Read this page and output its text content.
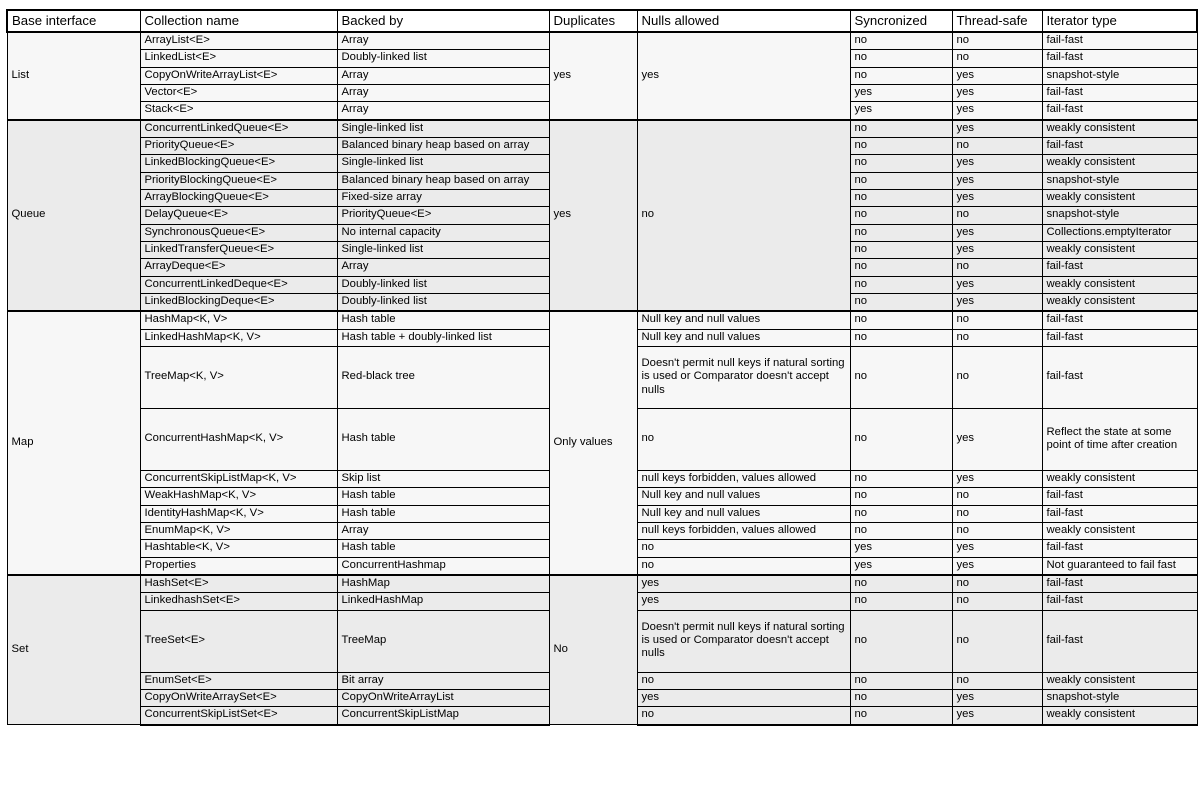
Base interface	Collection name	Backed by	Duplicates	Nulls allowed	Syncronized	Thread-safe	Iterator type
List	ArrayList<E>	Array	yes	yes	no	no	fail-fast
	LinkedList<E>	Doubly-linked list			no	no	fail-fast
	CopyOnWriteArrayList<E>	Array			no	yes	snapshot-style
	Vector<E>	Array			yes	yes	fail-fast
	Stack<E>	Array			yes	yes	fail-fast
Queue	ConcurrentLinkedQueue<E>	Single-linked list	yes	no	no	yes	weakly consistent
	PriorityQueue<E>	Balanced binary heap based on array			no	no	fail-fast
	LinkedBlockingQueue<E>	Single-linked list			no	yes	weakly consistent
	PriorityBlockingQueue<E>	Balanced binary heap based on array			no	yes	snapshot-style
	ArrayBlockingQueue<E>	Fixed-size array			no	yes	weakly consistent
	DelayQueue<E>	PriorityQueue<E>			no	no	snapshot-style
	SynchronousQueue<E>	No internal capacity			no	yes	Collections.emptyIterator
	LinkedTransferQueue<E>	Single-linked list			no	yes	weakly consistent
	ArrayDeque<E>	Array			no	no	fail-fast
	ConcurrentLinkedDeque<E>	Doubly-linked list			no	yes	weakly consistent
	LinkedBlockingDeque<E>	Doubly-linked list			no	yes	weakly consistent
Map	HashMap<K, V>	Hash table	Only values	Null key and null values	no	no	fail-fast
	LinkedHashMap<K, V>	Hash table + doubly-linked list		Null key and null values	no	no	fail-fast
	TreeMap<K, V>	Red-black tree		Doesn't permit null keys if natural sorting is used or Comparator doesn't accept nulls	no	no	fail-fast
	ConcurrentHashMap<K, V>	Hash table		no	no	yes	Reflect the state at some point of time after creation
	ConcurrentSkipListMap<K, V>	Skip list		null keys forbidden, values allowed	no	yes	weakly consistent
	WeakHashMap<K, V>	Hash table		Null key and null values	no	no	fail-fast
	IdentityHashMap<K, V>	Hash table		Null key and null values	no	no	fail-fast
	EnumMap<K, V>	Array		null keys forbidden, values allowed	no	no	weakly consistent
	Hashtable<K, V>	Hash table		no	yes	yes	fail-fast
	Properties	ConcurrentHashmap		no	yes	yes	Not guaranteed to fail fast
Set	HashSet<E>	HashMap	No	yes	no	no	fail-fast
	LinkedhashSet<E>	LinkedHashMap		yes	no	no	fail-fast
	TreeSet<E>	TreeMap		Doesn't permit null keys if natural sorting is used or Comparator doesn't accept nulls	no	no	fail-fast
	EnumSet<E>	Bit array		no	no	no	weakly consistent
	CopyOnWriteArraySet<E>	CopyOnWriteArrayList		yes	no	yes	snapshot-style
	ConcurrentSkipListSet<E>	ConcurrentSkipListMap		no	no	yes	weakly consistent
